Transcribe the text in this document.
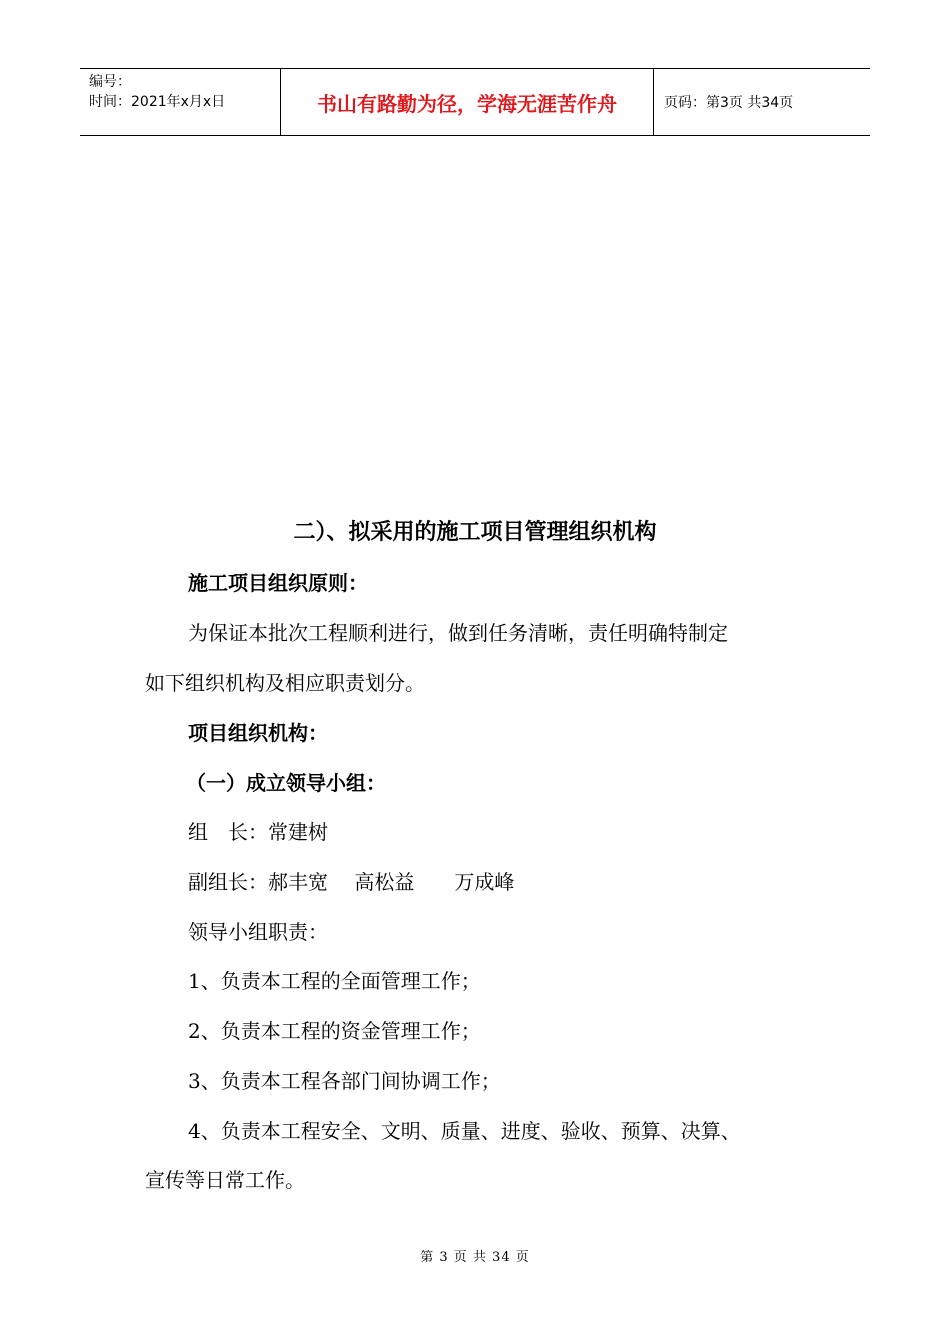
编号：
时间：2021年x月x日	书山有路勤为径，学海无涯苦作舟	页码：第3页 共34页
二）、拟采用的施工项目管理组织机构
施工项目组织原则：
为保证本批次工程顺利进行，做到任务清晰，责任明确特制定
如下组织机构及相应职责划分。
项目组织机构：
（一）成立领导小组：
组　长：常建树
副组长：郝丰宽　 高松益　　万成峰
领导小组职责：
1、负责本工程的全面管理工作；
2、负责本工程的资金管理工作；
3、负责本工程各部门间协调工作；
4、负责本工程安全、文明、质量、进度、验收、预算、决算、
宣传等日常工作。
第 3 页 共 34 页
